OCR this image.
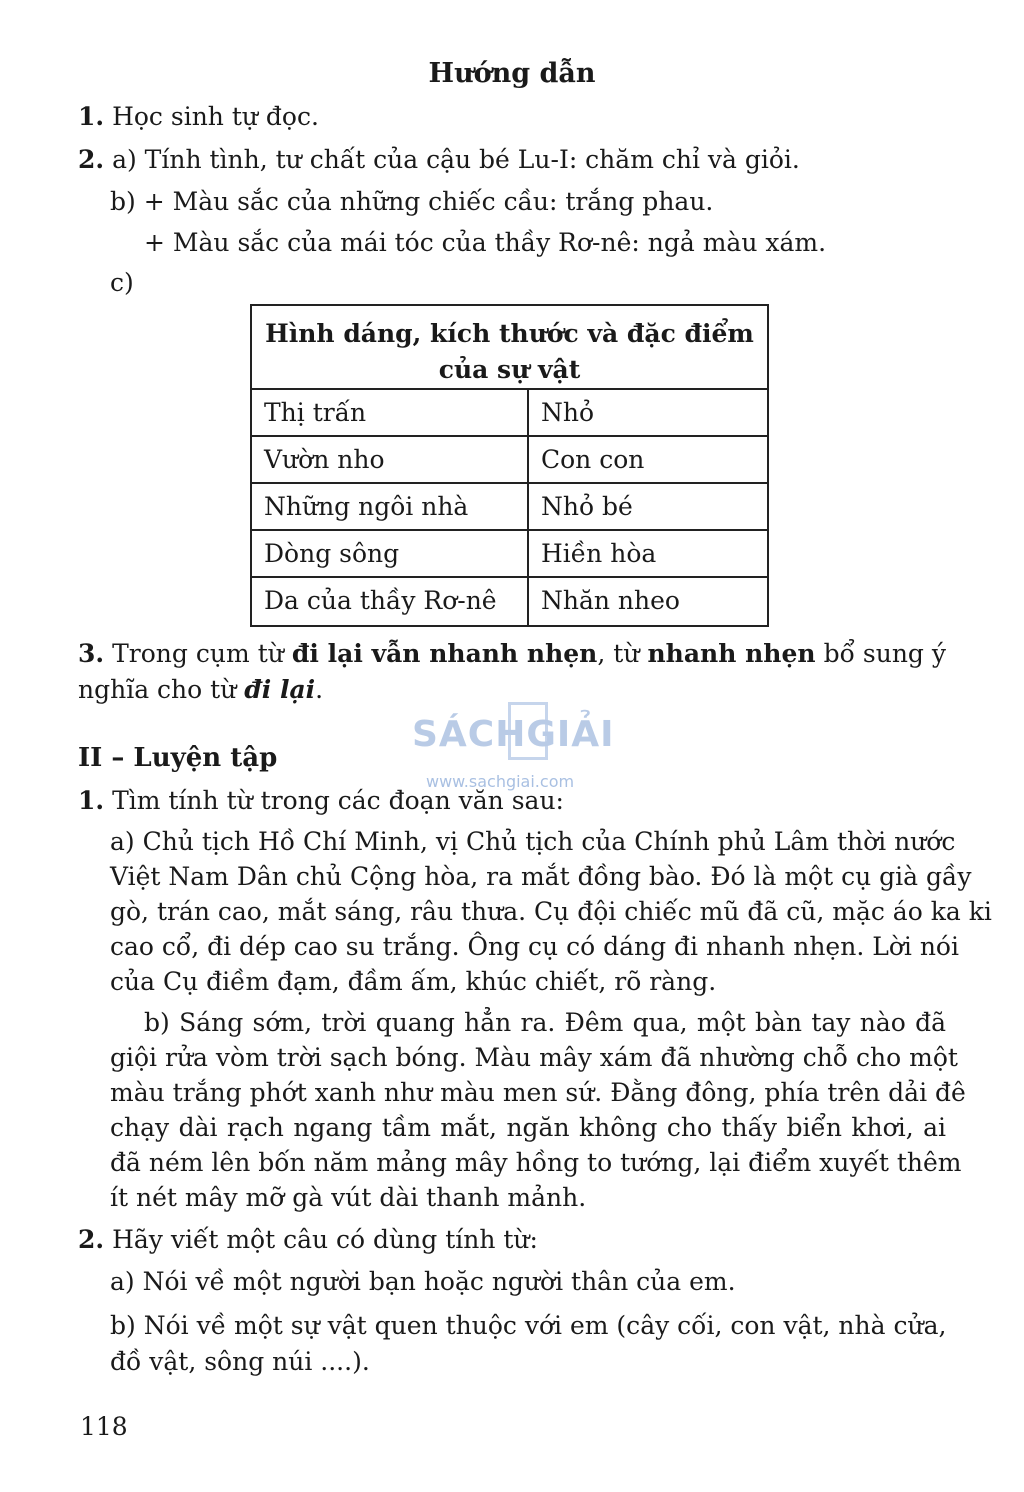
Hướng dẫn
1. Học sinh tự đọc.
2. a) Tính tình, tư chất của cậu bé Lu-I: chăm chỉ và giỏi.
b) + Màu sắc của những chiếc cầu: trắng phau.
+ Màu sắc của mái tóc của thầy Rơ-nê: ngả màu xám.
c)
Hình dáng, kích thước và đặc điểm
của sự vật
Thị trấn	Nhỏ
Vườn nho	Con con
Những ngôi nhà	Nhỏ bé
Dòng sông	Hiền hòa
Da của thầy Rơ-nê	Nhăn nheo
3. Trong cụm từ đi lại vẫn nhanh nhẹn, từ nhanh nhẹn bổ sung ý
nghĩa cho từ đi lại.
SÁCHGIẢI
www.sachgiai.com
II – Luyện tập
1. Tìm tính từ trong các đoạn văn sau:
a) Chủ tịch Hồ Chí Minh, vị Chủ tịch của Chính phủ Lâm thời nước
Việt Nam Dân chủ Cộng hòa, ra mắt đồng bào. Đó là một cụ già gầy
gò, trán cao, mắt sáng, râu thưa. Cụ đội chiếc mũ đã cũ, mặc áo ka ki
cao cổ, đi dép cao su trắng. Ông cụ có dáng đi nhanh nhẹn. Lời nói
của Cụ điềm đạm, đầm ấm, khúc chiết, rõ ràng.
b) Sáng sớm, trời quang hẳn ra. Đêm qua, một bàn tay nào đã
giội rửa vòm trời sạch bóng. Màu mây xám đã nhường chỗ cho một
màu trắng phớt xanh như màu men sứ. Đằng đông, phía trên dải đê
chạy dài rạch ngang tầm mắt, ngăn không cho thấy biển khơi, ai
đã ném lên bốn năm mảng mây hồng to tướng, lại điểm xuyết thêm
ít nét mây mỡ gà vút dài thanh mảnh.
2. Hãy viết một câu có dùng tính từ:
a) Nói về một người bạn hoặc người thân của em.
b) Nói về một sự vật quen thuộc với em (cây cối, con vật, nhà cửa,
đồ vật, sông núi ....).
118
